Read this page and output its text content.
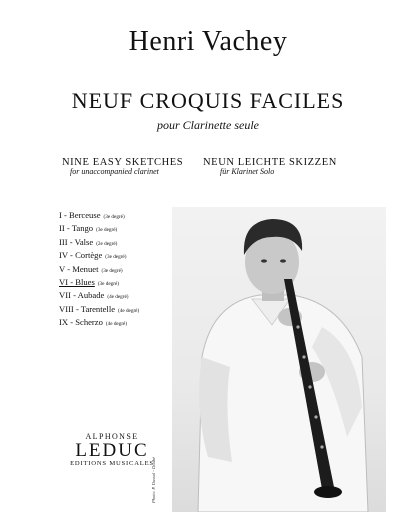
Henri Vachey
NEUF CROQUIS FACILES
pour Clarinette seule
NINE EASY SKETCHES
for unaccompanied clarinet
NEUN LEICHTE SKIZZEN
für Klarinet Solo
I - Berceuse (3e degré)
II - Tango (3e degré)
III - Valse (2e degré)
IV - Cortège (3e degré)
V - Menuet (3e degré)
VI - Blues (3e degré)
VII - Aubade (4e degré)
VIII - Tarentelle (4e degré)
IX - Scherzo (4e degré)
Photo: P. Dussol - Doubé
ALPHONSE
LEDUC
EDITIONS MUSICALES
